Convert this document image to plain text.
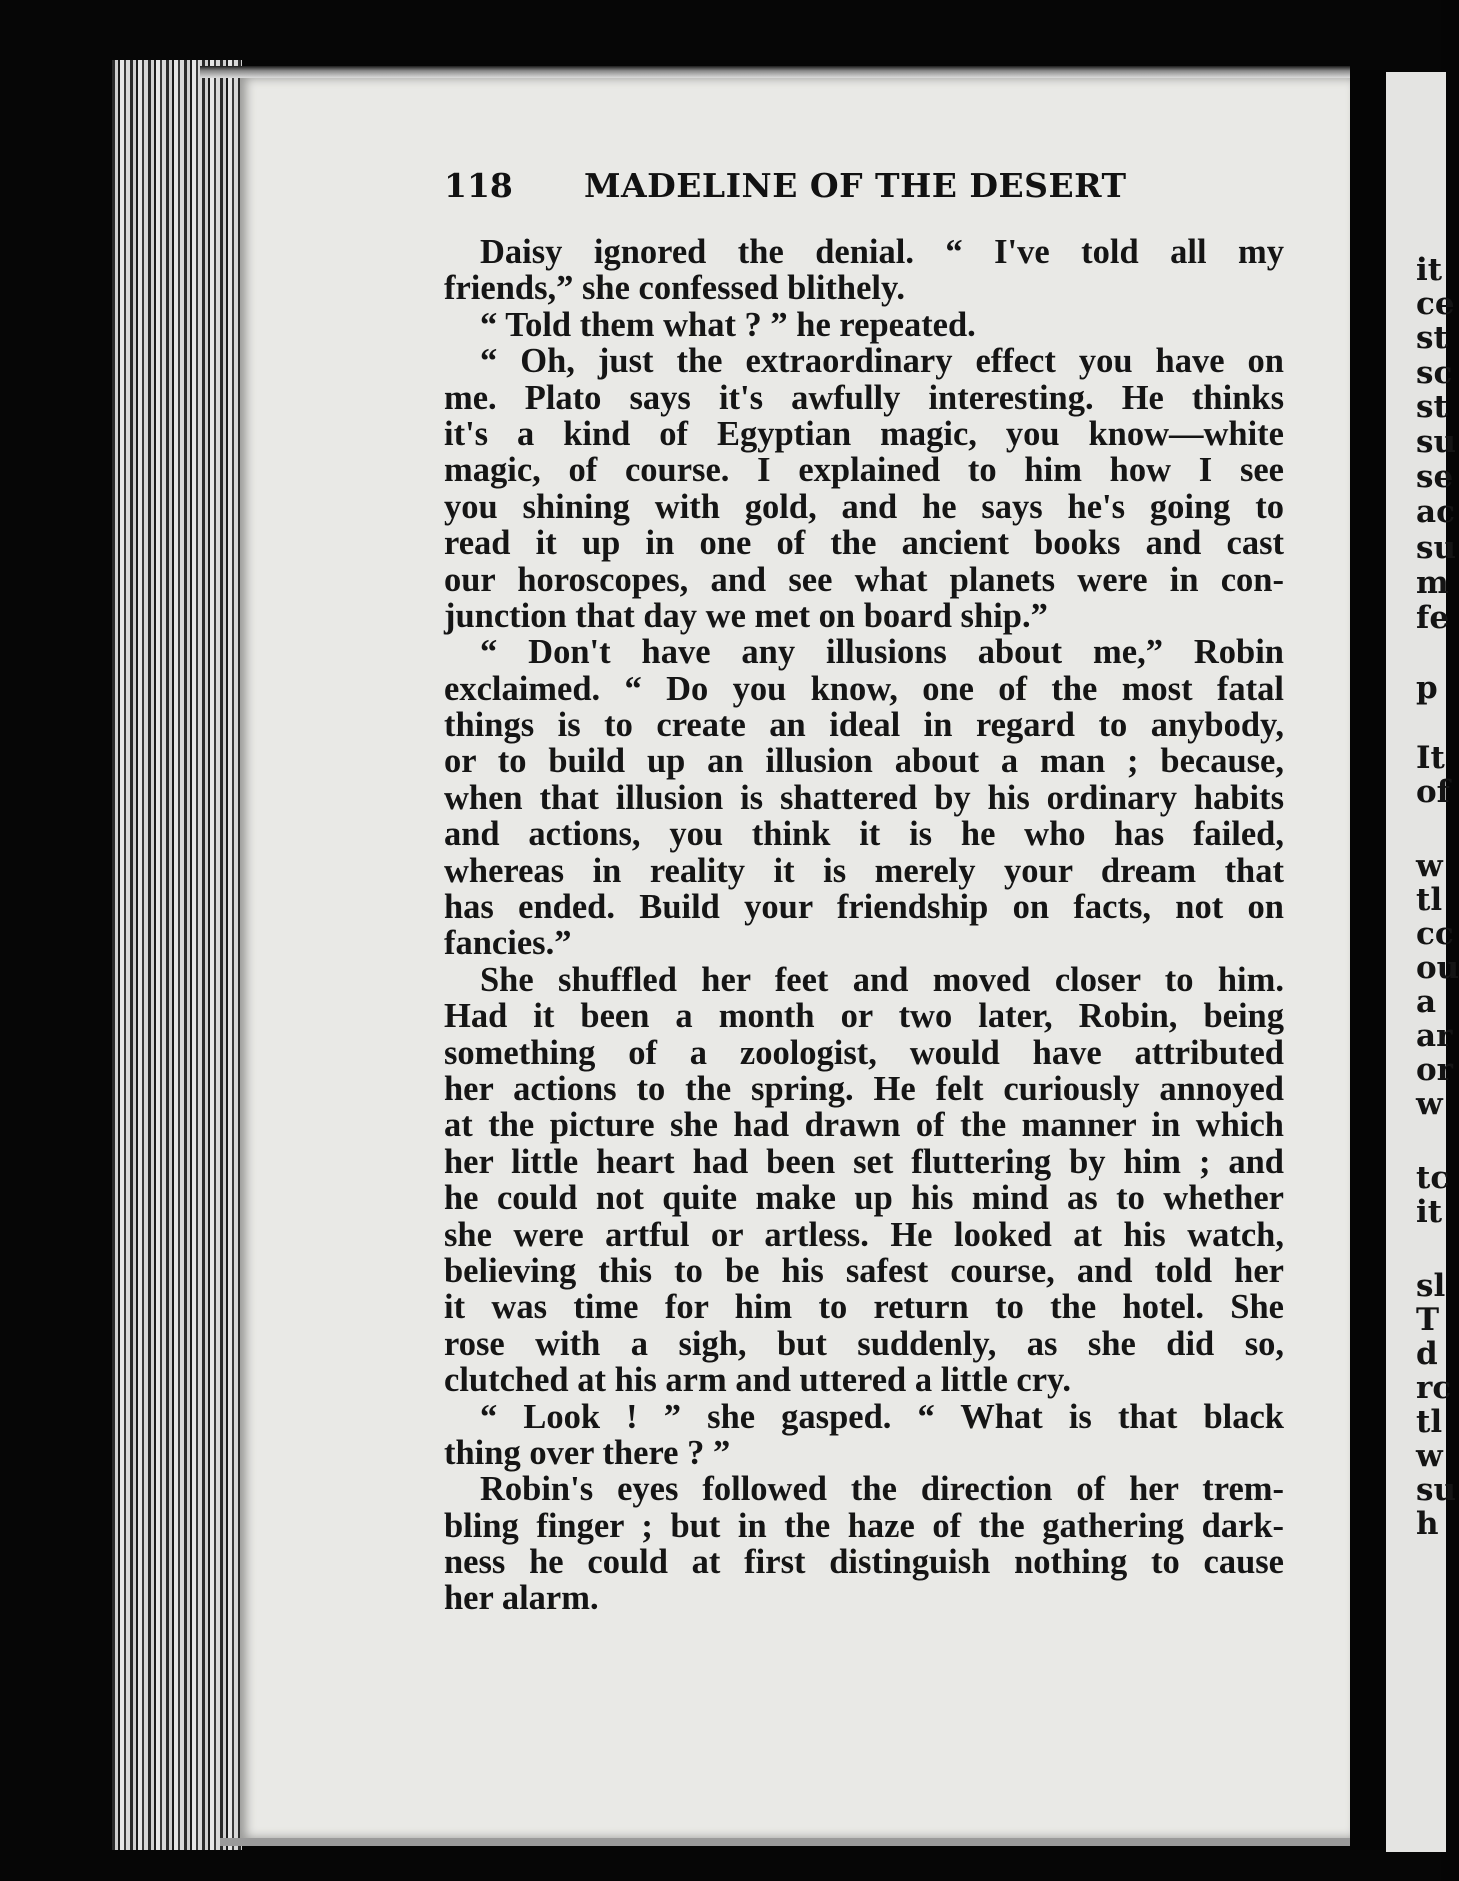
118 MADELINE OF THE DESERT
Daisy ignored the denial. “ I've told all my
friends,” she confessed blithely.
“ Told them what ? ” he repeated.
“ Oh, just the extraordinary effect you have on
me. Plato says it's awfully interesting. He thinks
it's a kind of Egyptian magic, you know—white
magic, of course. I explained to him how I see
you shining with gold, and he says he's going to
read it up in one of the ancient books and cast
our horoscopes, and see what planets were in con-
junction that day we met on board ship.”
“ Don't have any illusions about me,” Robin
exclaimed. “ Do you know, one of the most fatal
things is to create an ideal in regard to anybody,
or to build up an illusion about a man ; because,
when that illusion is shattered by his ordinary habits
and actions, you think it is he who has failed,
whereas in reality it is merely your dream that
has ended. Build your friendship on facts, not on
fancies.”
She shuffled her feet and moved closer to him.
Had it been a month or two later, Robin, being
something of a zoologist, would have attributed
her actions to the spring. He felt curiously annoyed
at the picture she had drawn of the manner in which
her little heart had been set fluttering by him ; and
he could not quite make up his mind as to whether
she were artful or artless. He looked at his watch,
believing this to be his safest course, and told her
it was time for him to return to the hotel. She
rose with a sigh, but suddenly, as she did so,
clutched at his arm and uttered a little cry.
“ Look ! ” she gasped. “ What is that black
thing over there ? ”
Robin's eyes followed the direction of her trem-
bling finger ; but in the haze of the gathering dark-
ness he could at first distinguish nothing to cause
her alarm.
it
ce
st
sc
st
su
se
ac
su
m
fe
p
It
of
w
tl
cc
ou
a
ar
or
w
tc
it
sl
T
d
rc
tl
w
su
h
